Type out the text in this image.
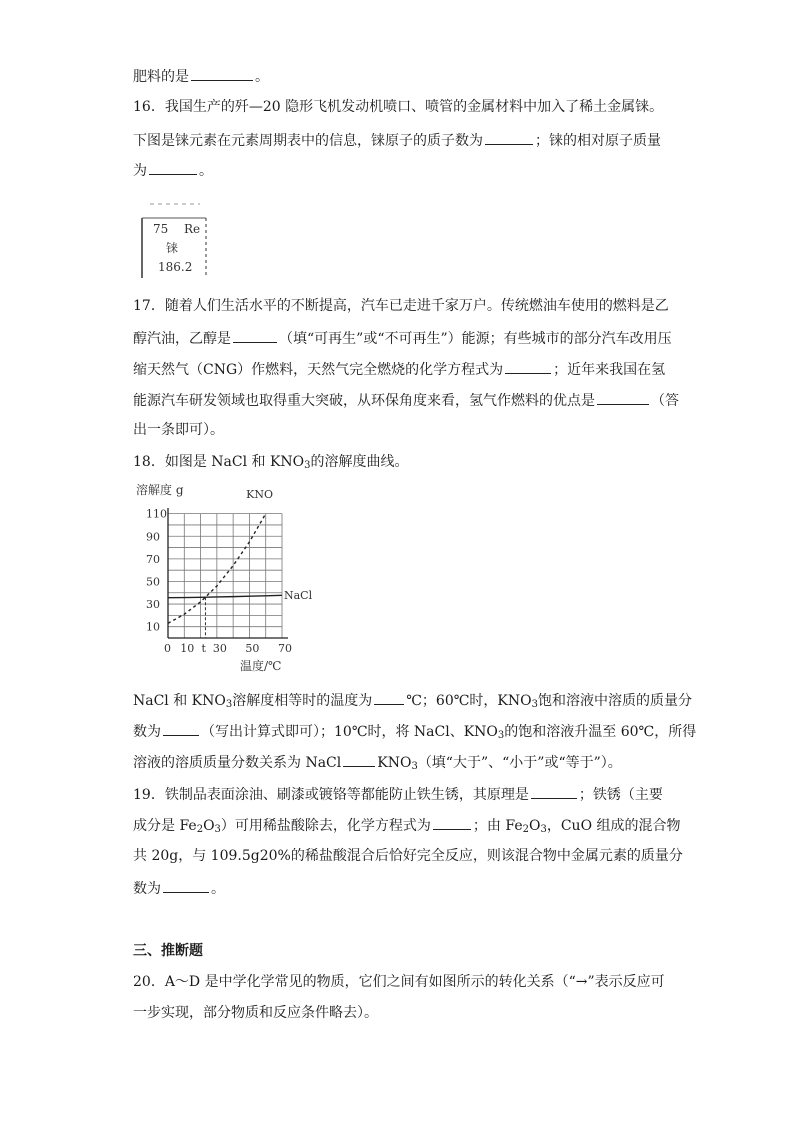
肥料的是	。
16．我国生产的歼—20 隐形飞机发动机喷口、喷管的金属材料中加入了稀土金属铼。
下图是铼元素在元素周期表中的信息，铼原子的质子数为	；铼的相对原子质量
为	。
75 Re
铼
186.2
17．随着人们生活水平的不断提高，汽车已走进千家万户。传统燃油车使用的燃料是乙
醇汽油，乙醇是	（填“可再生”或“不可再生”）能源；有些城市的部分汽车改用压
缩天然气（CNG）作燃料，天然气完全燃烧的化学方程式为	；近年来我国在氢
能源汽车研发领域也取得重大突破，从环保角度来看，氢气作燃料的优点是	（答
出一条即可）。
18．如图是 NaCl 和 $KNO_3$的溶解度曲线。
溶解度 g
温度/℃
110
90
70
50
30
10
0 10 t 30 50 70
KNO
NaCl
NaCl 和 $KNO_3$溶解度相等时的温度为 ℃；60℃时，$KNO_3$饱和溶液中溶质的质量分
数为	（写出计算式即可）；10℃时，将 NaCl、$KNO_3$的饱和溶液升温至 60℃，所得
溶液的溶质质量分数关系为 NaCl	$KNO_3$（填“大于”、“小于”或“等于”）。
19．铁制品表面涂油、刷漆或镀铬等都能防止铁生锈，其原理是	；铁锈（主要
成分是 $Fe_2O_3$）可用稀盐酸除去，化学方程式为	；由 $Fe_2O_3$，CuO 组成的混合物
共 20g，与 109.5g20%的稀盐酸混合后恰好完全反应，则该混合物中金属元素的质量分
数为	。
三、推断题
20．A～D 是中学化学常见的物质，它们之间有如图所示的转化关系（“→”表示反应可
一步实现，部分物质和反应条件略去）。
